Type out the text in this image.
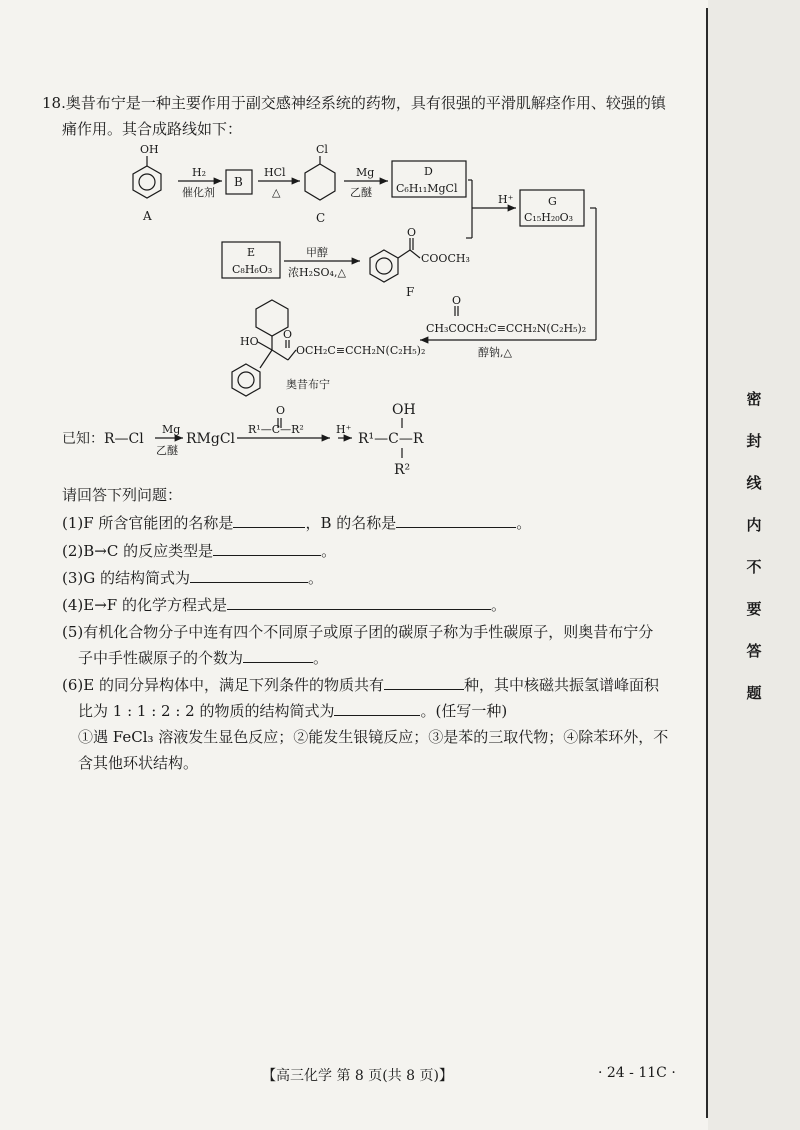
密
封
线
内
不
要
答
题
18.奥昔布宁是一种主要作用于副交感神经系统的药物，具有很强的平滑肌解痉作用、较强的镇
痛作用。其合成路线如下：
OH
A
H₂
催化剂
B
HCl
△
Cl
C
Mg
乙醚
D
C₆H₁₁MgCl
H⁺	G
C₁₅H₂₀O₃
E
C₈H₆O₃
甲醇
浓H₂SO₄,△
O
COOCH₃
F
O
CH₃COCH₂C≡CCH₂N(C₂H₅)₂
醇钠,△
HO
O
OCH₂C≡CCH₂N(C₂H₅)₂
奥昔布宁
已知：R—Cl
Mg
乙醚
RMgCl
R¹—C—R²
O
H⁺
OH
R¹—C—R
R²
请回答下列问题：
(1)F 所含官能团的名称是	，B 的名称是	。
(2)B→C 的反应类型是	。
(3)G 的结构简式为	。
(4)E→F 的化学方程式是	。
(5)有机化合物分子中连有四个不同原子或原子团的碳原子称为手性碳原子，则奥昔布宁分
子中手性碳原子的个数为	。
(6)E 的同分异构体中，满足下列条件的物质共有	种，其中核磁共振氢谱峰面积
比为 1 : 1 : 2 : 2 的物质的结构简式为	。(任写一种)
①遇 FeCl₃ 溶液发生显色反应；②能发生银镜反应；③是苯的三取代物；④除苯环外，不
含其他环状结构。
【高三化学 第 8 页(共 8 页)】	· 24 - 11C ·
